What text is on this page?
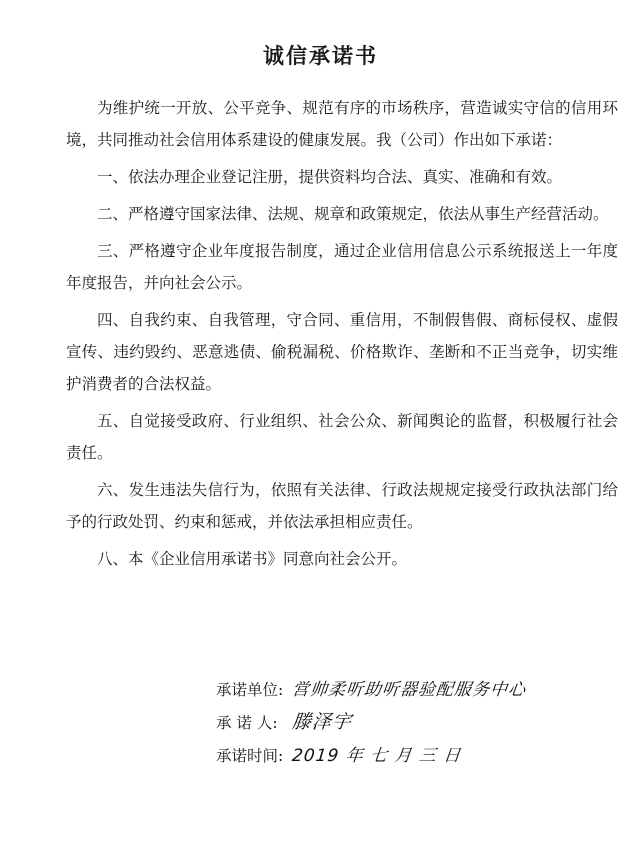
诚信承诺书

为维护统一开放、公平竞争、规范有序的市场秩序，营造诚实守信的信用环境，共同推动社会信用体系建设的健康发展。我（公司）作出如下承诺：

一、依法办理企业登记注册，提供资料均合法、真实、准确和有效。

二、严格遵守国家法律、法规、规章和政策规定，依法从事生产经营活动。

三、严格遵守企业年度报告制度，通过企业信用信息公示系统报送上一年度年度报告，并向社会公示。

四、自我约束、自我管理，守合同、重信用，不制假售假、商标侵权、虚假宣传、违约毁约、恶意逃债、偷税漏税、价格欺诈、垄断和不正当竞争，切实维护消费者的合法权益。

五、自觉接受政府、行业组织、社会公众、新闻舆论的监督，积极履行社会责任。

六、发生违法失信行为，依照有关法律、行政法规规定接受行政执法部门给予的行政处罚、约束和惩戒，并依法承担相应责任。

八、本《企业信用承诺书》同意向社会公开。

承诺单位: 営帅柔听助听器验配服务中心
承 诺 人: 滕泽宇
承诺时间: 2019 年 七 月 三 日
